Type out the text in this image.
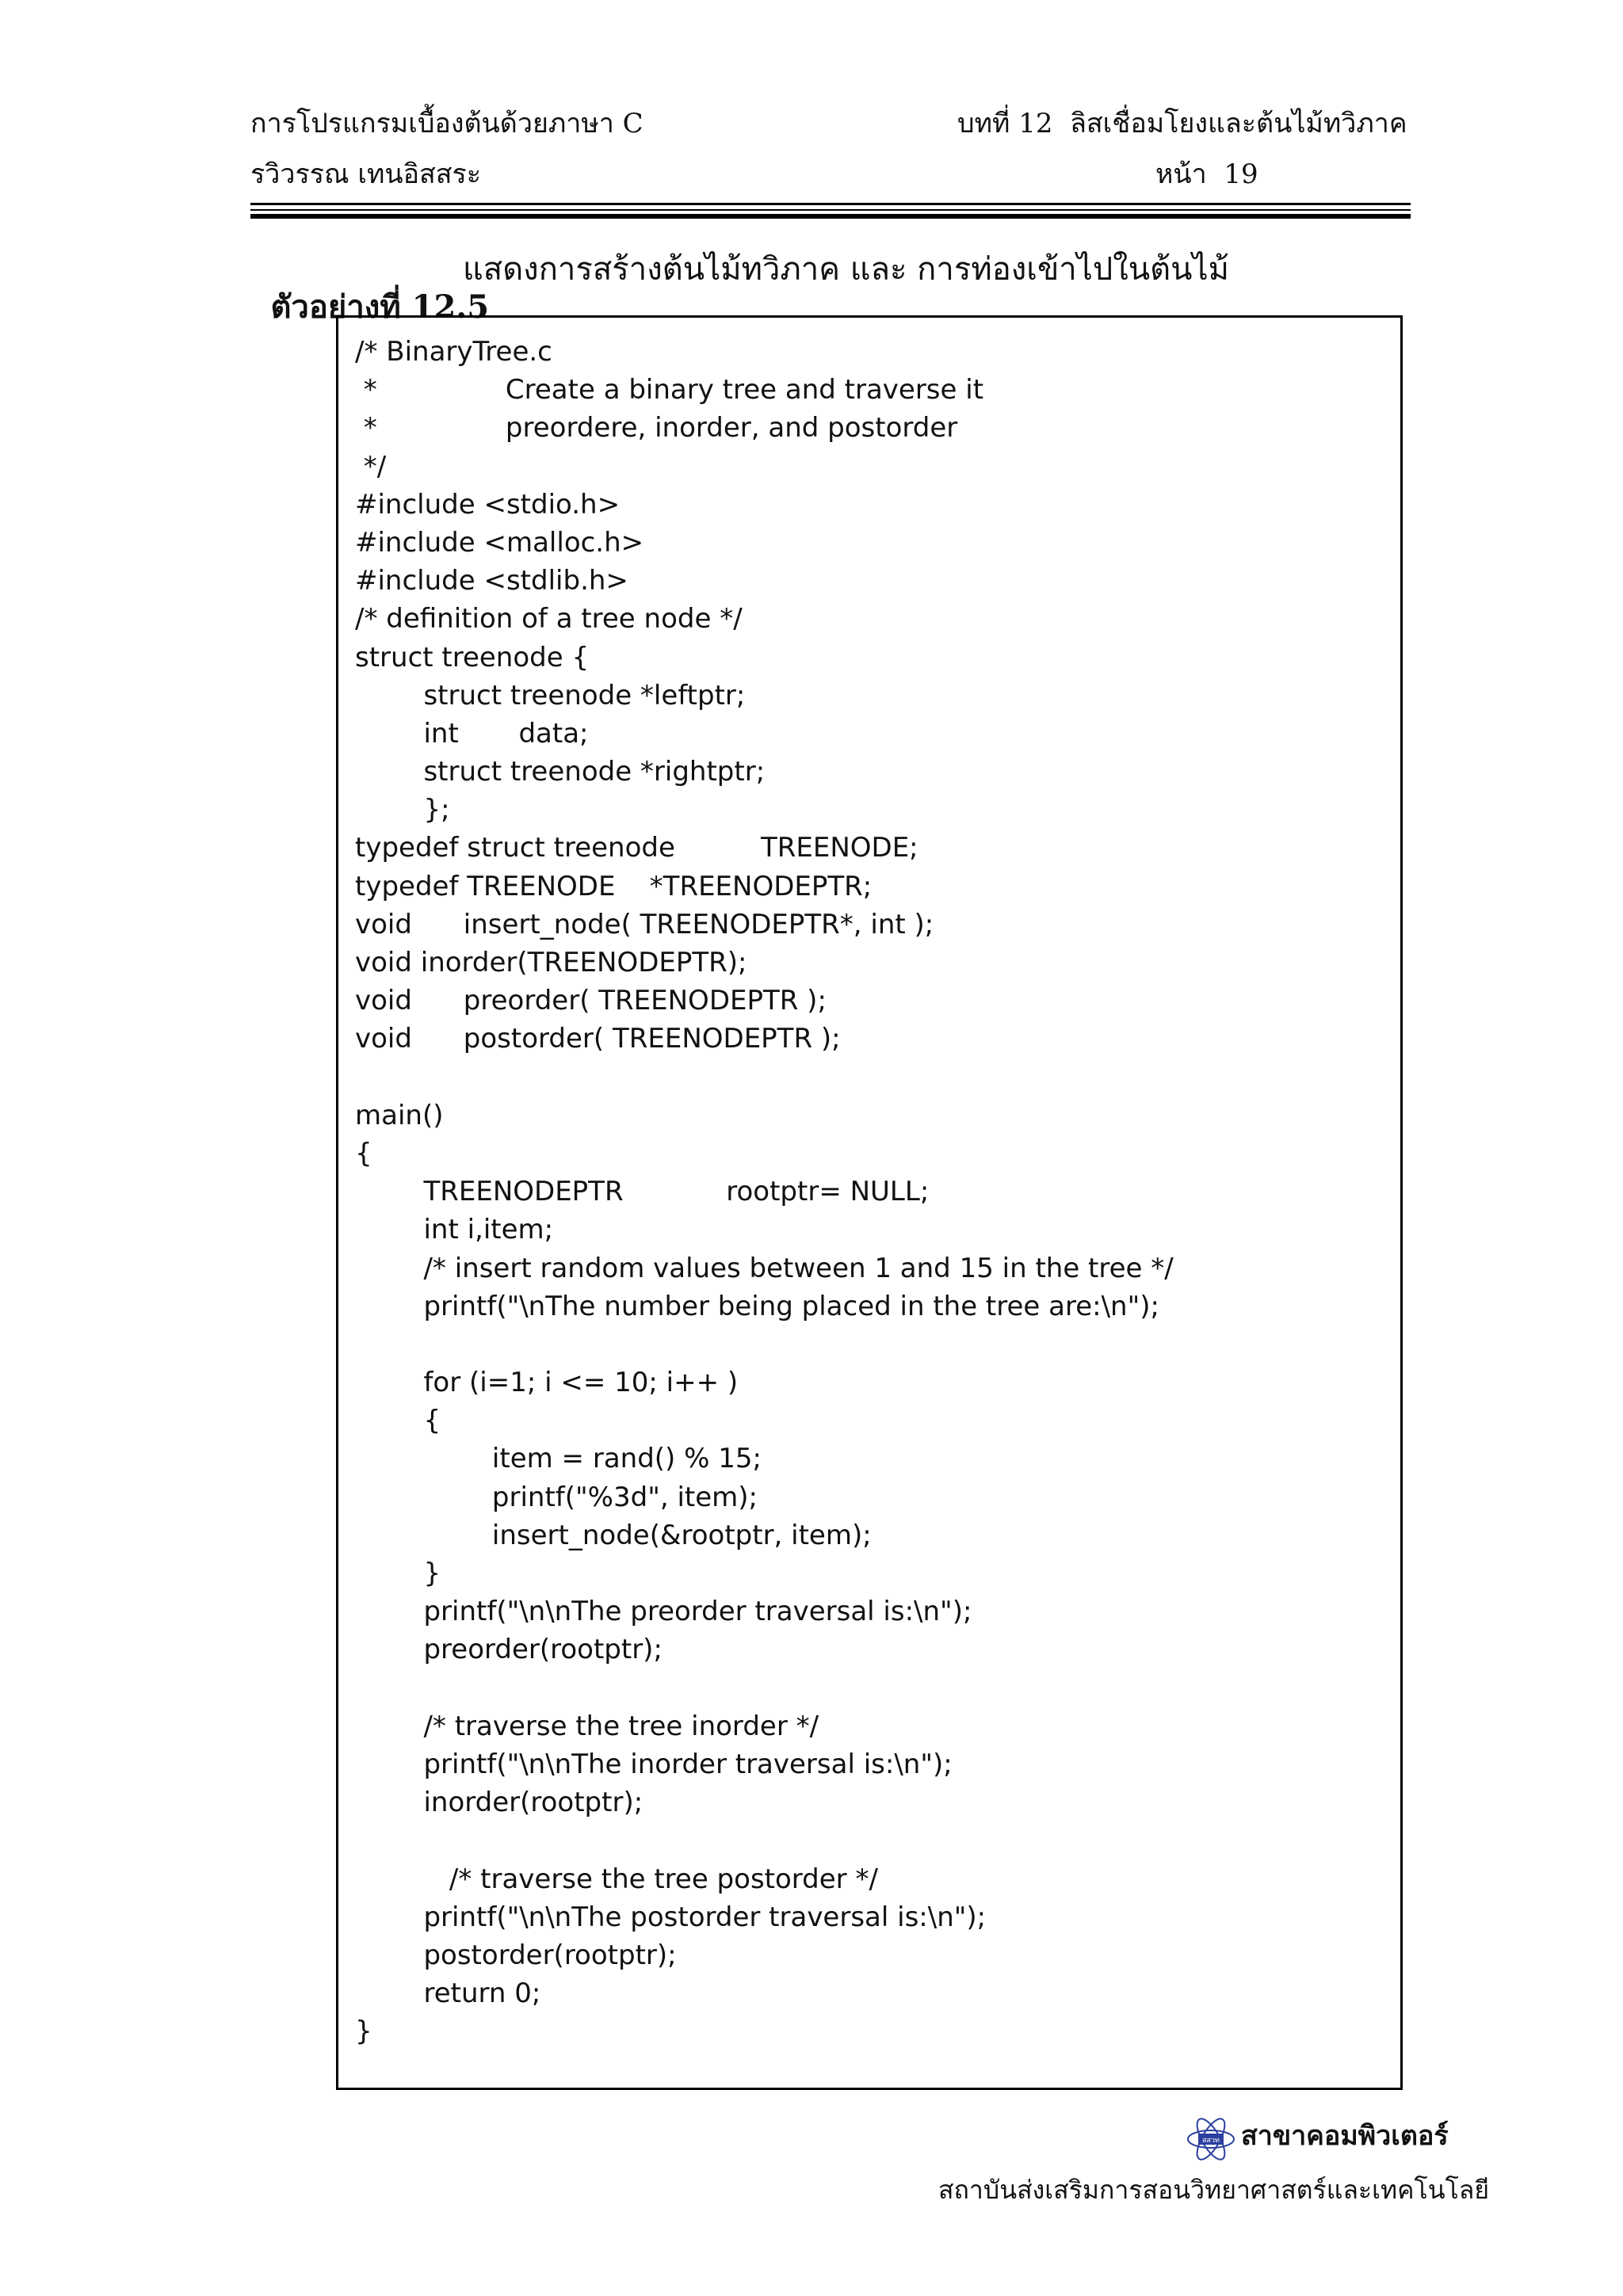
การโปรแกรมเบื้องต้นด้วยภาษา C	บทที่ 12  ลิสเชื่อมโยงและต้นไม้ทวิภาค
รวิวรรณ เทนอิสสระ	หน้า  19

ตัวอย่างที่ 12.5

แสดงการสร้างต้นไม้ทวิภาค และ การท่องเข้าไปในต้นไม้

/* BinaryTree.c
*               Create a binary tree and traverse it
*               preordere, inorder, and postorder
*/
#include <stdio.h>
#include <malloc.h>
#include <stdlib.h>
/* definition of a tree node */
struct treenode {
struct treenode *leftptr;
int       data;
struct treenode *rightptr;
};
typedef struct treenode          TREENODE;
typedef TREENODE    *TREENODEPTR;
void      insert_node( TREENODEPTR*, int );
void inorder(TREENODEPTR);
void      preorder( TREENODEPTR );
void      postorder( TREENODEPTR );
main()
{
TREENODEPTR            rootptr= NULL;
int i,item;
/* insert random values between 1 and 15 in the tree */
printf("\nThe number being placed in the tree are:\n");
for (i=1; i <= 10; i++ )
{
item = rand() % 15;
printf("%3d", item);
insert_node(&rootptr, item);
}
printf("\n\nThe preorder traversal is:\n");
preorder(rootptr);
/* traverse the tree inorder */
printf("\n\nThe inorder traversal is:\n");
inorder(rootptr);
/* traverse the tree postorder */
printf("\n\nThe postorder traversal is:\n");
postorder(rootptr);
return 0;
}
สสวท สาขาคอมพิวเตอร์
สถาบันส่งเสริมการสอนวิทยาศาสตร์และเทคโนโลยี
